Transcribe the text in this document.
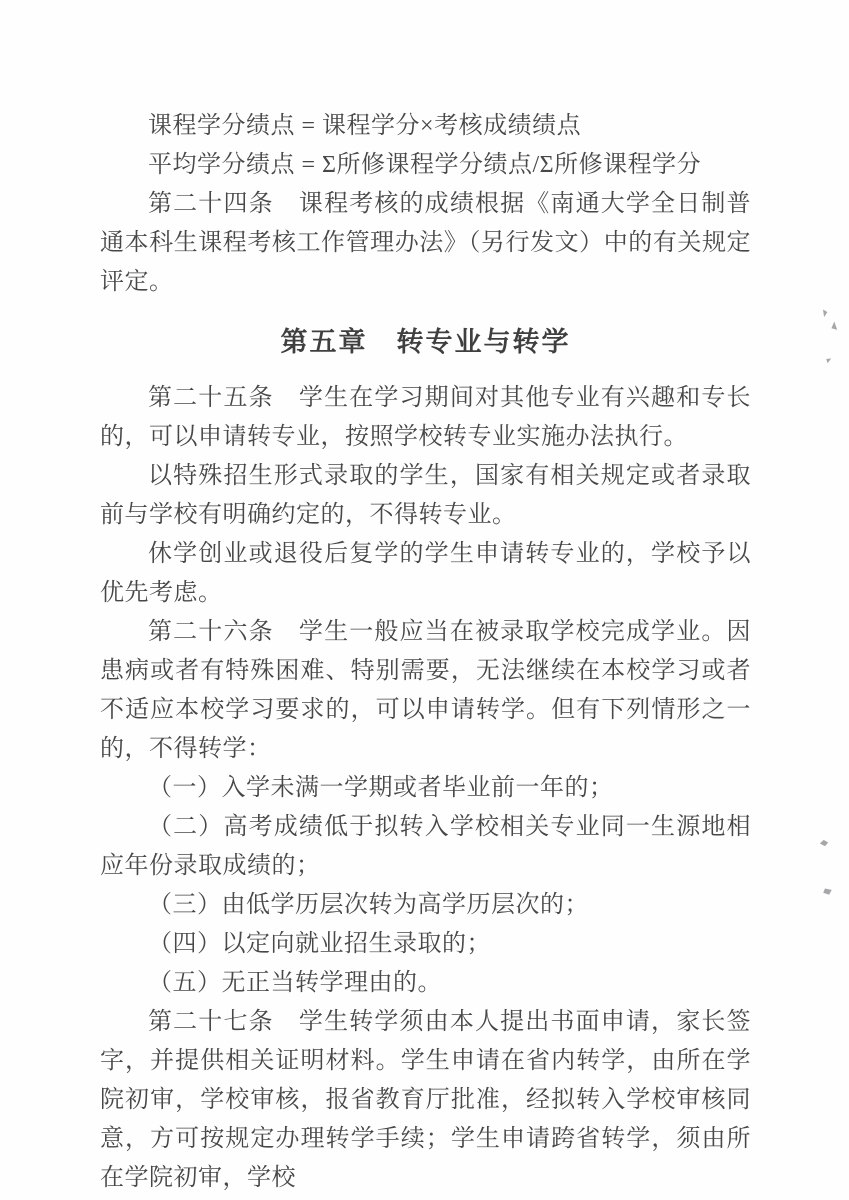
课程学分绩点 = 课程学分×考核成绩绩点

平均学分绩点 = Σ所修课程学分绩点/Σ所修课程学分

第二十四条　课程考核的成绩根据《南通大学全日制普通本科生课程考核工作管理办法》（另行发文）中的有关规定评定。

第五章　转专业与转学

第二十五条　学生在学习期间对其他专业有兴趣和专长的，可以申请转专业，按照学校转专业实施办法执行。

以特殊招生形式录取的学生，国家有相关规定或者录取前与学校有明确约定的，不得转专业。

休学创业或退役后复学的学生申请转专业的，学校予以优先考虑。

第二十六条　学生一般应当在被录取学校完成学业。因患病或者有特殊困难、特别需要，无法继续在本校学习或者不适应本校学习要求的，可以申请转学。但有下列情形之一的，不得转学：

（一）入学未满一学期或者毕业前一年的；

（二）高考成绩低于拟转入学校相关专业同一生源地相应年份录取成绩的；

（三）由低学历层次转为高学历层次的；

（四）以定向就业招生录取的；

（五）无正当转学理由的。

第二十七条　学生转学须由本人提出书面申请，家长签字，并提供相关证明材料。学生申请在省内转学，由所在学院初审，学校审核，报省教育厅批准，经拟转入学校审核同意，方可按规定办理转学手续；学生申请跨省转学，须由所在学院初审，学校
